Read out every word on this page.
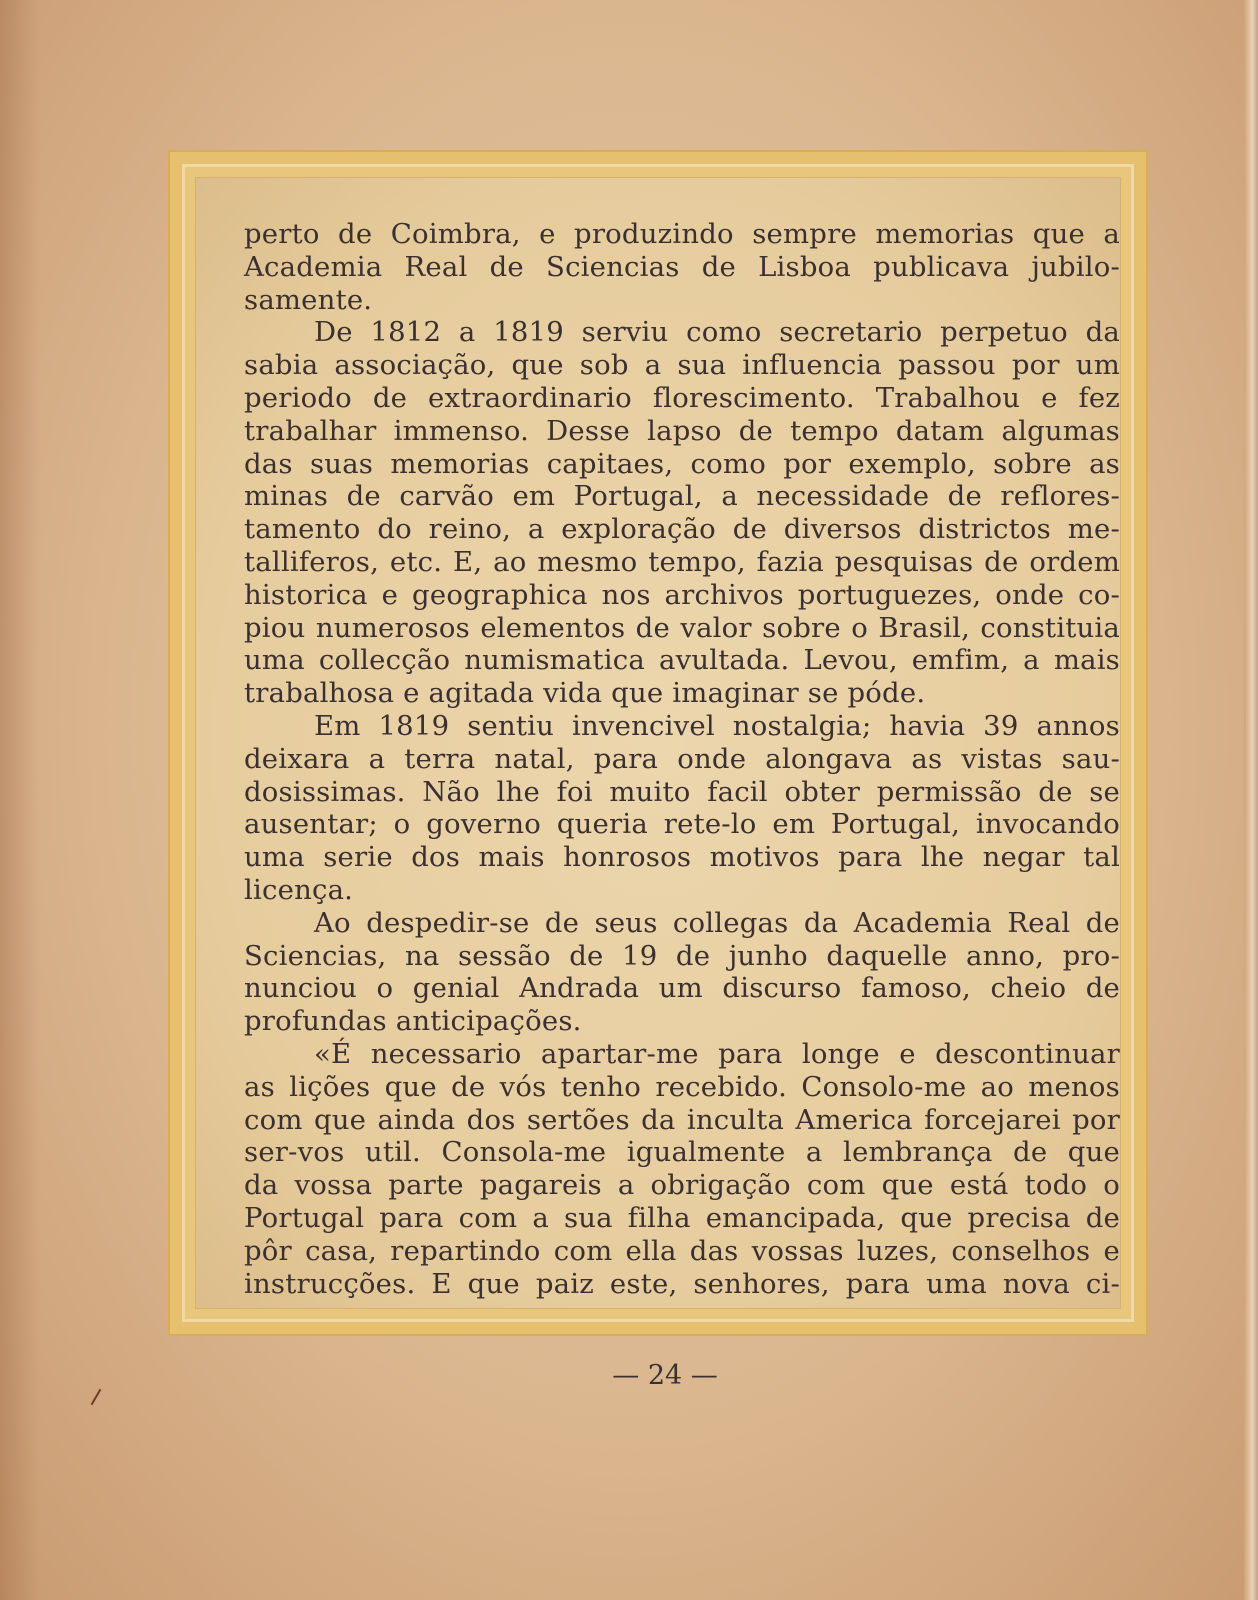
perto de Coimbra, e produzindo sempre memorias que a
Academia Real de Sciencias de Lisboa publicava jubilo-
samente.
De 1812 a 1819 serviu como secretario perpetuo da
sabia associação, que sob a sua influencia passou por um
periodo de extraordinario florescimento. Trabalhou e fez
trabalhar immenso. Desse lapso de tempo datam algumas
das suas memorias capitaes, como por exemplo, sobre as
minas de carvão em Portugal, a necessidade de reflores-
tamento do reino, a exploração de diversos districtos me-
talliferos, etc. E, ao mesmo tempo, fazia pesquisas de ordem
historica e geographica nos archivos portuguezes, onde co-
piou numerosos elementos de valor sobre o Brasil, constituia
uma collecção numismatica avultada. Levou, emfim, a mais
trabalhosa e agitada vida que imaginar se póde.
Em 1819 sentiu invencivel nostalgia; havia 39 annos
deixara a terra natal, para onde alongava as vistas sau-
dosissimas. Não lhe foi muito facil obter permissão de se
ausentar; o governo queria rete-lo em Portugal, invocando
uma serie dos mais honrosos motivos para lhe negar tal
licença.
Ao despedir-se de seus collegas da Academia Real de
Sciencias, na sessão de 19 de junho daquelle anno, pro-
nunciou o genial Andrada um discurso famoso, cheio de
profundas anticipações.
«É necessario apartar-me para longe e descontinuar
as lições que de vós tenho recebido. Consolo-me ao menos
com que ainda dos sertões da inculta America forcejarei por
ser-vos util. Consola-me igualmente a lembrança de que
da vossa parte pagareis a obrigação com que está todo o
Portugal para com a sua filha emancipada, que precisa de
pôr casa, repartindo com ella das vossas luzes, conselhos e
instrucções. E que paiz este, senhores, para uma nova ci-
— 24 —
